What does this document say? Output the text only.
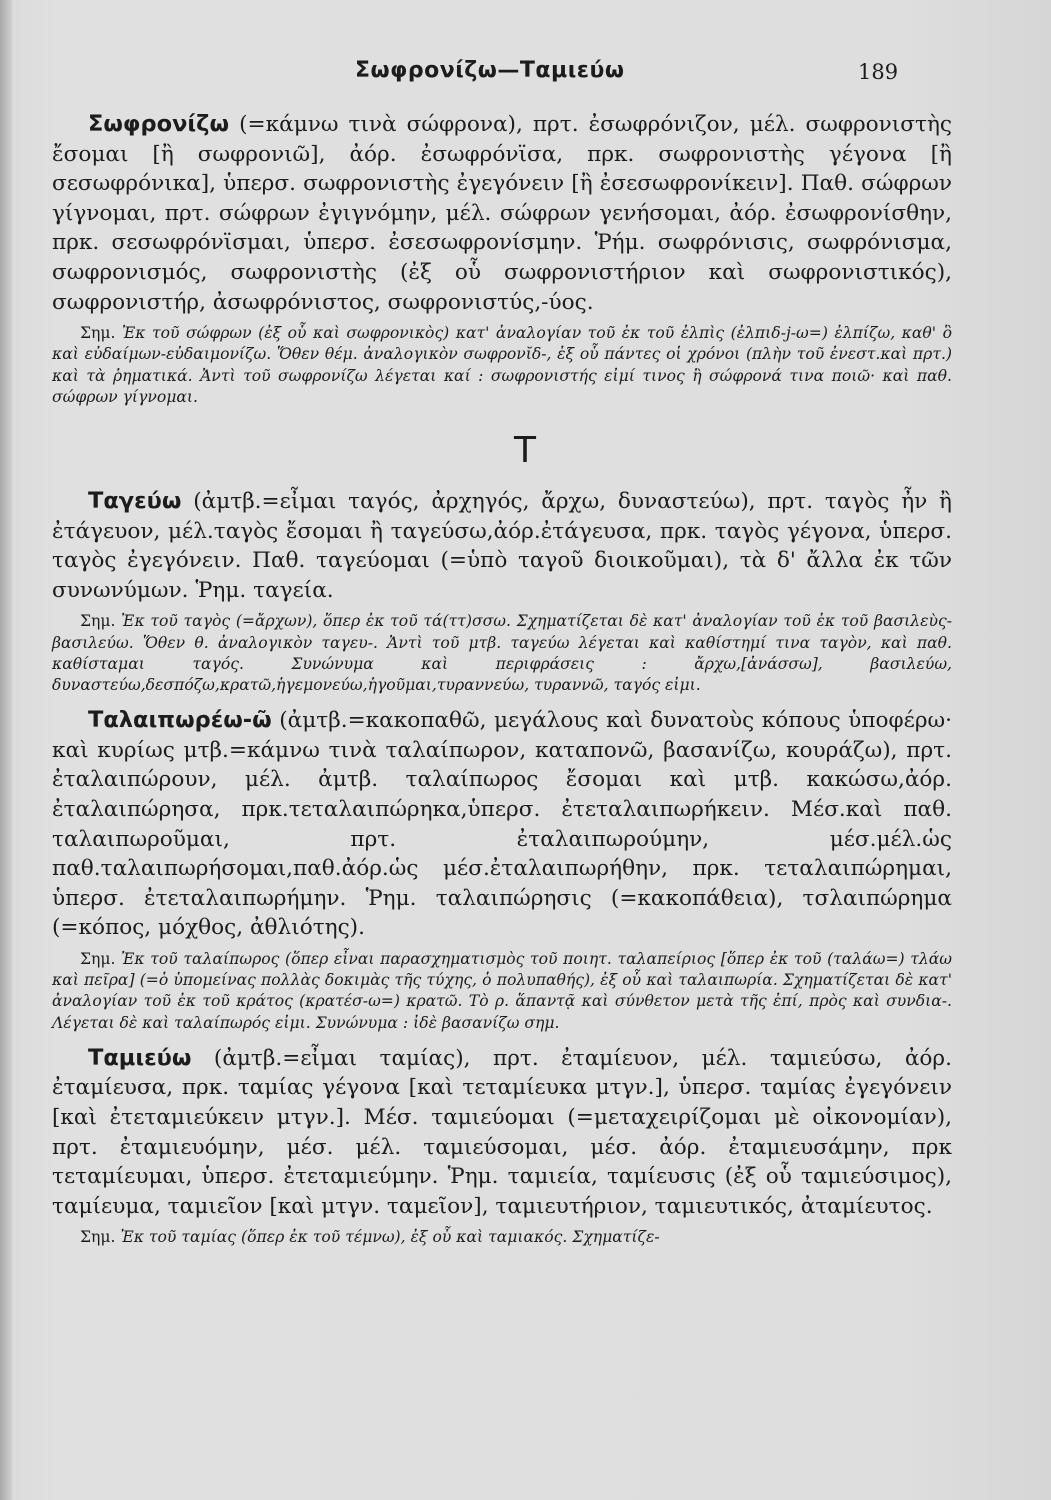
Σωφρονίζω—Ταμιεύω	189

Σωφρονίζω (=κάμνω τινὰ σώφρονα), πρτ. ἐσωφρόνιζον, μέλ. σωφρονιστὴς ἔσομαι [ἢ σωφρονιῶ], ἀόρ. ἐσωφρόνϊσα, πρκ. σωφρονιστὴς γέγονα [ἢ σεσωφρόνικα], ὑπερσ. σωφρονιστὴς ἐγεγόνειν [ἢ ἐσεσωφρονίκειν]. Παθ. σώφρων γίγνομαι, πρτ. σώφρων ἐγιγνόμην, μέλ. σώφρων γενήσομαι, ἀόρ. ἐσωφρονίσθην, πρκ. σεσωφρόνϊσμαι, ὑπερσ. ἐσεσωφρονίσμην. Ῥήμ. σωφρόνισις, σωφρόνισμα, σωφρονισμός, σωφρονιστὴς (ἐξ οὗ σωφρονιστήριον καὶ σωφρονιστικός), σωφρονιστήρ, ἀσωφρόνιστος, σωφρονιστύς,-ύος.

Σημ. Ἐκ τοῦ σώφρων (ἐξ οὗ καὶ σωφρονικὸς) κατ' ἀναλογίαν τοῦ ἐκ τοῦ ἐλπὶς (ἐλπιδ-j-ω=) ἐλπίζω, καθ' ὃ καὶ εὐδαίμων-εὐδαιμονίζω. Ὅθεν θέμ. ἀναλογικὸν σωφρονῐδ-, ἐξ οὗ πάντες οἱ χρόνοι (πλὴν τοῦ ἐνεστ.καὶ πρτ.) καὶ τὰ ῥηματικά. Ἀντὶ τοῦ σωφρονίζω λέγεται καί : σωφρονιστής εἰμί τινος ἢ σώφρονά τινα ποιῶ· καὶ παθ. σώφρων γίγνομαι.

Τ

Ταγεύω (ἀμτβ.=εἶμαι ταγός, ἀρχηγός, ἄρχω, δυναστεύω), πρτ. ταγὸς ἦν ἢ ἐτάγευον, μέλ.ταγὸς ἔσομαι ἢ ταγεύσω,ἀόρ.ἐτάγευσα, πρκ. ταγὸς γέγονα, ὑπερσ. ταγὸς ἐγεγόνειν. Παθ. ταγεύομαι (=ὑπὸ ταγοῦ διοικοῦμαι), τὰ δ' ἄλλα ἐκ τῶν συνωνύμων. Ῥημ. ταγεία.

Σημ. Ἐκ τοῦ ταγὸς (=ἄρχων), ὅπερ ἐκ τοῦ τά(ττ)σσω. Σχηματίζεται δὲ κατ' ἀναλογίαν τοῦ ἐκ τοῦ βασιλεὺς-βασιλεύω. Ὅθεν θ. ἀναλογικὸν ταγευ-. Ἀντὶ τοῦ μτβ. ταγεύω λέγεται καὶ καθίστημί τινα ταγὸν, καὶ παθ. καθίσταμαι ταγός. Συνώνυμα καὶ περιφράσεις : ἄρχω,[ἀνάσσω], βασιλεύω, δυναστεύω,δεσπόζω,κρατῶ,ἡγεμονεύω,ἡγοῦμαι,τυραννεύω, τυραννῶ, ταγός εἰμι.

Ταλαιπωρέω-ῶ (ἀμτβ.=κακοπαθῶ, μεγάλους καὶ δυνατοὺς κόπους ὑποφέρω· καὶ κυρίως μτβ.=κάμνω τινὰ ταλαίπωρον, καταπονῶ, βασανίζω, κουράζω), πρτ. ἐταλαιπώρουν, μέλ. ἀμτβ. ταλαίπωρος ἔσομαι καὶ μτβ. κακώσω,ἀόρ. ἐταλαιπώρησα, πρκ.τεταλαιπώρηκα,ὑπερσ. ἐτεταλαιπωρήκειν. Μέσ.καὶ παθ. ταλαιπωροῦμαι, πρτ. ἐταλαιπωρούμην, μέσ.μέλ.ὡς παθ.ταλαιπωρήσομαι,παθ.ἀόρ.ὡς μέσ.ἐταλαιπωρήθην, πρκ. τεταλαιπώρημαι, ὑπερσ. ἐτεταλαιπωρήμην. Ῥημ. ταλαιπώρησις (=κακοπάθεια), τσλαιπώρημα (=κόπος, μόχθος, ἀθλιότης).

Σημ. Ἐκ τοῦ ταλαίπωρος (ὅπερ εἶναι παρασχηματισμὸς τοῦ ποιητ. ταλαπείριος [ὅπερ ἐκ τοῦ (ταλάω=) τλάω καὶ πεῖρα] (=ὁ ὑπομείνας πολλὰς δοκιμὰς τῆς τύχης, ὁ πολυπαθής), ἐξ οὗ καὶ ταλαιπωρία. Σχηματίζεται δὲ κατ' ἀναλογίαν τοῦ ἐκ τοῦ κράτος (κρατέσ-ω=) κρατῶ. Τὸ ρ. ἅπαντᾷ καὶ σύνθετον μετὰ τῆς ἐπί, πρὸς καὶ συνδια-. Λέγεται δὲ καὶ ταλαίπωρός εἰμι. Συνώνυμα : ἰδὲ βασανίζω σημ.

Ταμιεύω (ἀμτβ.=εἶμαι ταμίας), πρτ. ἐταμίευον, μέλ. ταμιεύσω, ἀόρ. ἐταμίευσα, πρκ. ταμίας γέγονα [καὶ τεταμίευκα μτγν.], ὑπερσ. ταμίας ἐγεγόνειν [καὶ ἐτεταμιεύκειν μτγν.]. Μέσ. ταμιεύομαι (=μεταχειρίζομαι μὲ οἰκονομίαν), πρτ. ἐταμιευόμην, μέσ. μέλ. ταμιεύσομαι, μέσ. ἀόρ. ἐταμιευσάμην, πρκ τεταμίευμαι, ὑπερσ. ἐτεταμιεύμην. Ῥημ. ταμιεία, ταμίευσις (ἐξ οὗ ταμιεύσιμος), ταμίευμα, ταμιεῖον [καὶ μτγν. ταμεῖον], ταμιευτήριον, ταμιευτικός, ἀταμίευτος.

Σημ. Ἐκ τοῦ ταμίας (ὅπερ ἐκ τοῦ τέμνω), ἐξ οὗ καὶ ταμιακός. Σχηματίζε-
